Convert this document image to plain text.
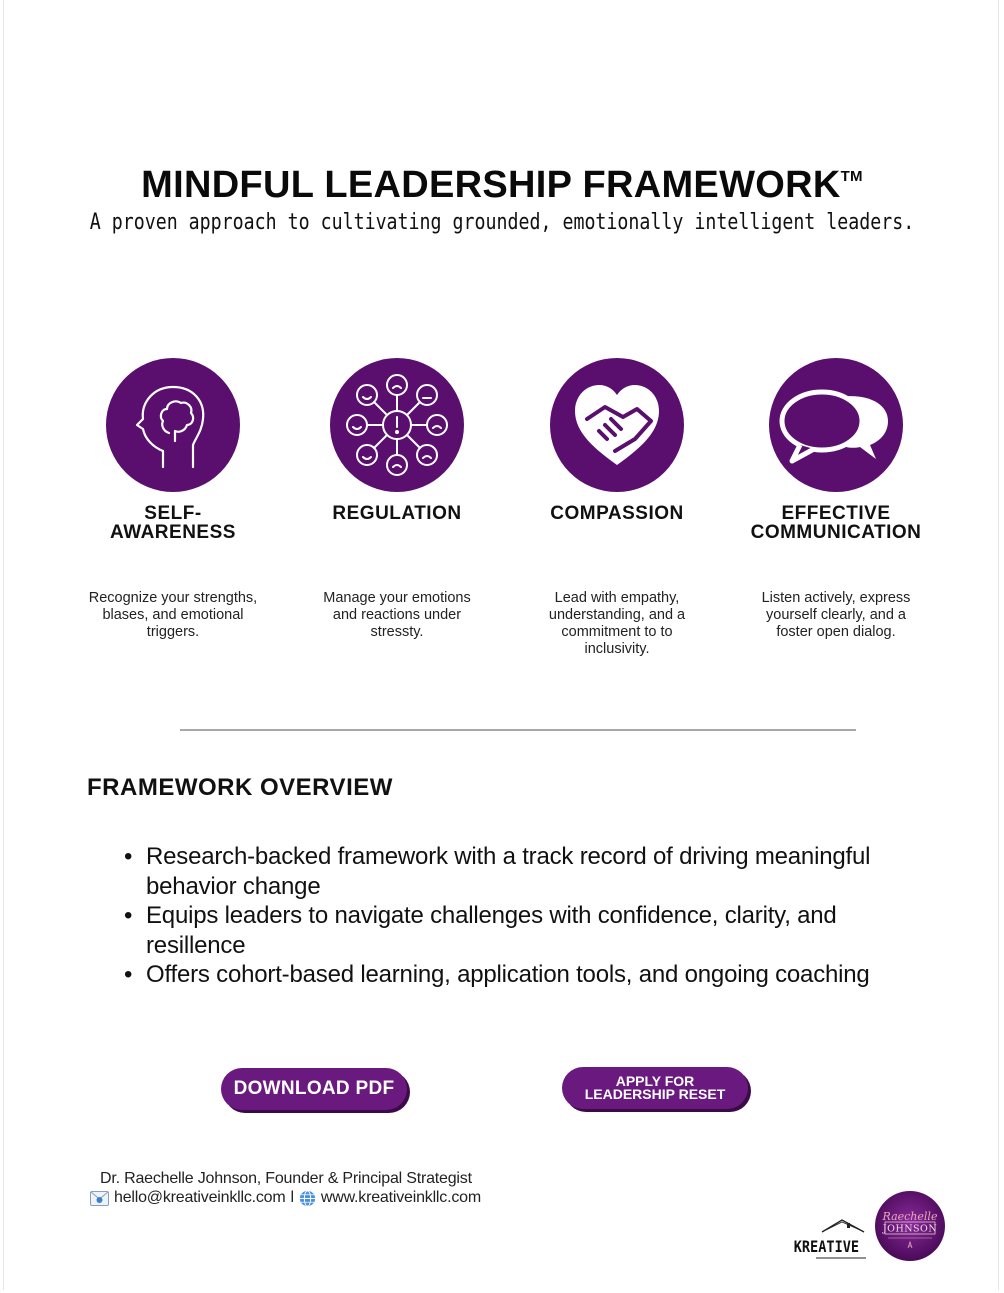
MINDFUL LEADERSHIP FRAMEWORK™
A proven approach to cultivating grounded, emotionally intelligent leaders.
SELF-
AWARENESS
Recognize your strengths, blases, and emotional triggers.
REGULATION
Manage your emotions and reactions under stressty.
COMPASSION
Lead with empathy, understanding, and a commitment to to inclusivity.
EFFECTIVE
COMMUNICATION
Listen actively, express yourself clearly, and a foster open dialog.
FRAMEWORK OVERVIEW
• Research-backed framework with a track record of driving meaningful behavior change
• Equips leaders to navigate challenges with confidence, clarity, and resillence
• Offers cohort-based learning, application tools, and ongoing coaching
DOWNLOAD PDF	APPLY FOR
LEADERSHIP RESET
Dr. Raechelle Johnson, Founder & Principal Strategist
hello@kreativeinkllc.com l www.kreativeinkllc.com
KREATIVE
Raechelle
JOHNSON
